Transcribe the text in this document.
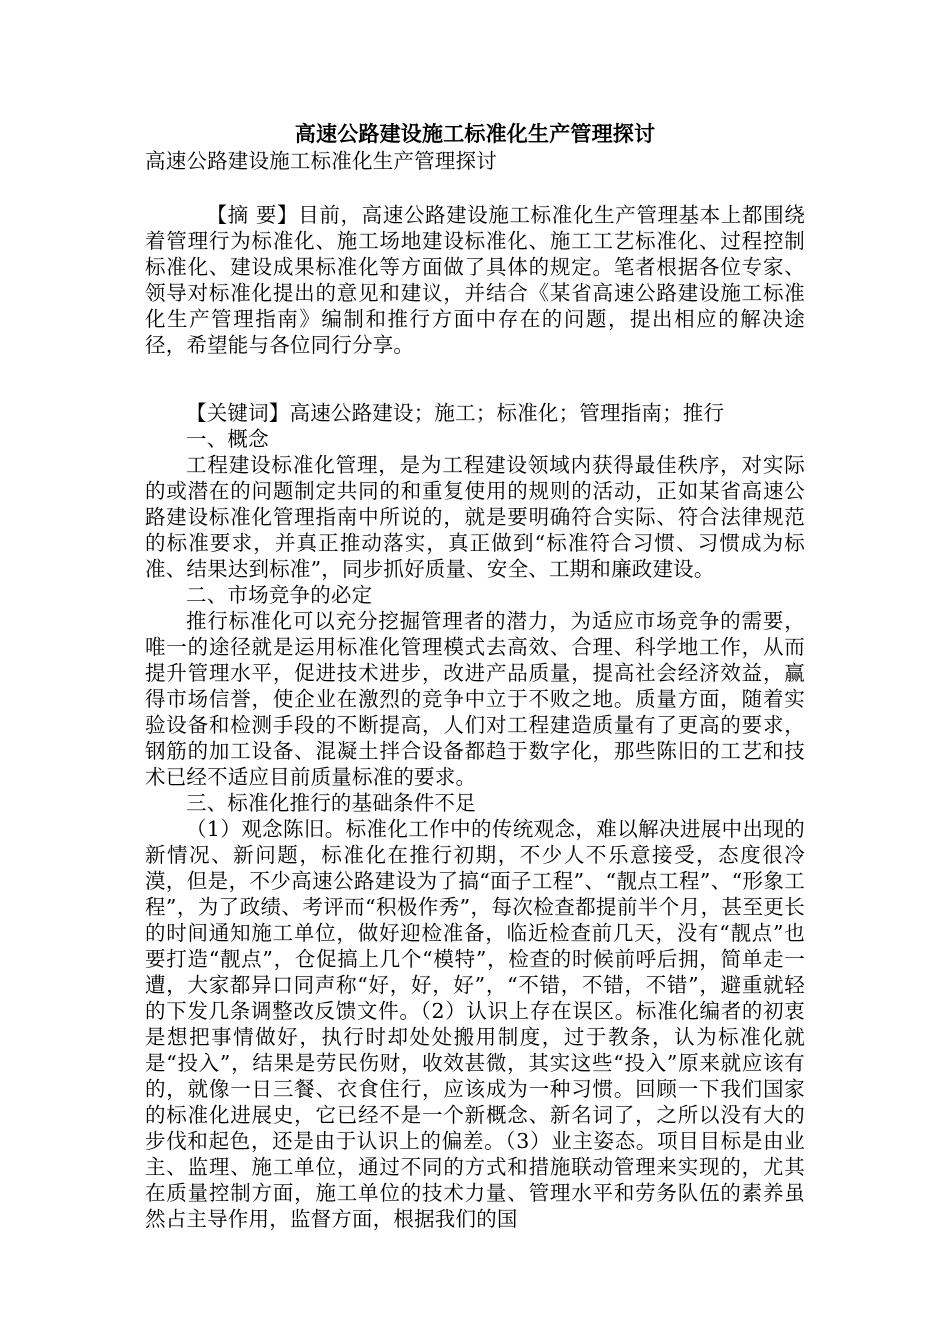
高速公路建设施工标准化生产管理探讨

高速公路建设施工标准化生产管理探讨

【摘 要】目前，高速公路建设施工标准化生产管理基本上都围绕着管理行为标准化、施工场地建设标准化、施工工艺标准化、过程控制标准化、建设成果标准化等方面做了具体的规定。笔者根据各位专家、领导对标准化提出的意见和建议，并结合《某省高速公路建设施工标准化生产管理指南》编制和推行方面中存在的问题，提出相应的解决途径，希望能与各位同行分享。

【关键词】高速公路建设；施工；标准化；管理指南；推行

一、概念

工程建设标准化管理，是为工程建设领域内获得最佳秩序，对实际的或潜在的问题制定共同的和重复使用的规则的活动，正如某省高速公路建设标准化管理指南中所说的，就是要明确符合实际、符合法律规范的标准要求，并真正推动落实，真正做到“标准符合习惯、习惯成为标准、结果达到标准”，同步抓好质量、安全、工期和廉政建设。

二、市场竞争的必定

推行标准化可以充分挖掘管理者的潜力，为适应市场竞争的需要，唯一的途径就是运用标准化管理模式去高效、合理、科学地工作，从而提升管理水平，促进技术进步，改进产品质量，提高社会经济效益，赢得市场信誉，使企业在激烈的竞争中立于不败之地。质量方面，随着实验设备和检测手段的不断提高，人们对工程建造质量有了更高的要求，钢筋的加工设备、混凝土拌合设备都趋于数字化，那些陈旧的工艺和技术已经不适应目前质量标准的要求。

三、标准化推行的基础条件不足

（1）观念陈旧。标准化工作中的传统观念，难以解决进展中出现的新情况、新问题，标准化在推行初期，不少人不乐意接受，态度很冷漠，但是，不少高速公路建设为了搞“面子工程”、“靓点工程”、“形象工程”，为了政绩、考评而“积极作秀”，每次检查都提前半个月，甚至更长的时间通知施工单位，做好迎检准备，临近检查前几天，没有“靓点”也要打造“靓点”，仓促搞上几个“模特”，检查的时候前呼后拥，简单走一遭，大家都异口同声称“好，好，好”，“不错，不错，不错”，避重就轻的下发几条调整改反馈文件。（2）认识上存在误区。标准化编者的初衷是想把事情做好，执行时却处处搬用制度，过于教条，认为标准化就是“投入”，结果是劳民伤财，收效甚微，其实这些“投入”原来就应该有的，就像一日三餐、衣食住行，应该成为一种习惯。回顾一下我们国家的标准化进展史，它已经不是一个新概念、新名词了，之所以没有大的步伐和起色，还是由于认识上的偏差。（3）业主姿态。项目目标是由业主、监理、施工单位，通过不同的方式和措施联动管理来实现的，尤其在质量控制方面，施工单位的技术力量、管理水平和劳务队伍的素养虽然占主导作用，监督方面，根据我们的国
